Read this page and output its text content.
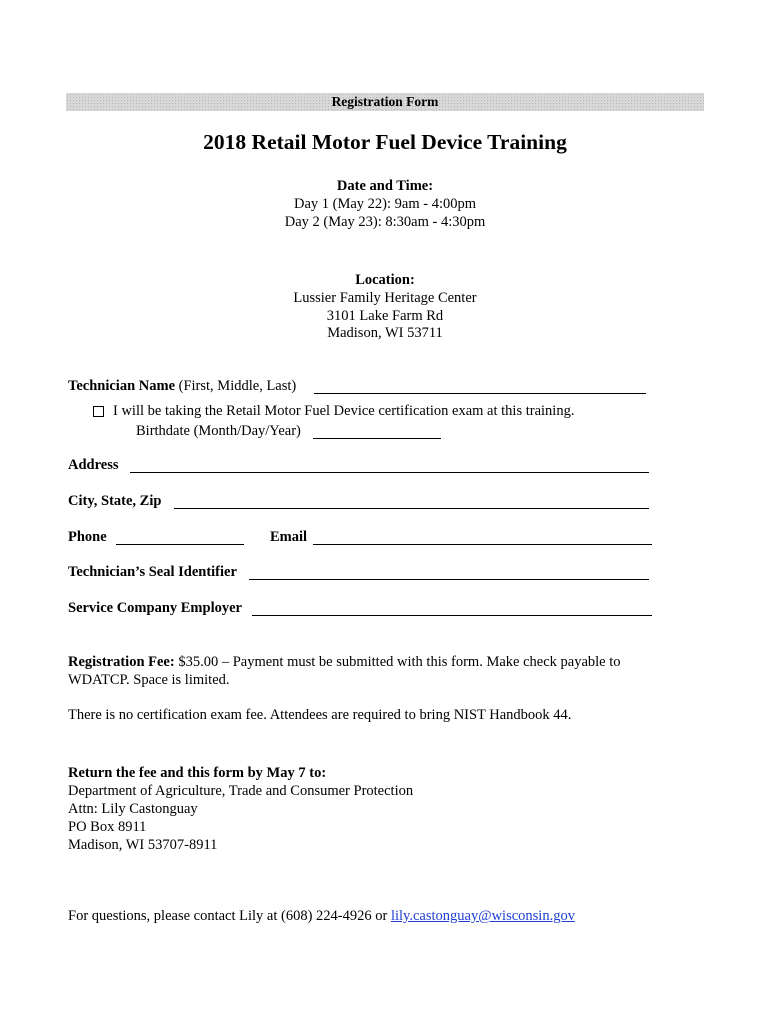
Registration Form
2018 Retail Motor Fuel Device Training
Date and Time:
Day 1 (May 22): 9am - 4:00pm
Day 2 (May 23): 8:30am - 4:30pm
Location:
Lussier Family Heritage Center
3101 Lake Farm Rd
Madison, WI 53711
Technician Name (First, Middle, Last)
I will be taking the Retail Motor Fuel Device certification exam at this training.
Birthdate (Month/Day/Year)
Address
City, State, Zip
Phone	Email
Technician’s Seal Identifier
Service Company Employer
Registration Fee: $35.00 – Payment must be submitted with this form. Make check payable to
WDATCP. Space is limited.
There is no certification exam fee. Attendees are required to bring NIST Handbook 44.
Return the fee and this form by May 7 to:
Department of Agriculture, Trade and Consumer Protection
Attn: Lily Castonguay
PO Box 8911
Madison, WI 53707-8911
For questions, please contact Lily at (608) 224-4926 or lily.castonguay@wisconsin.gov
